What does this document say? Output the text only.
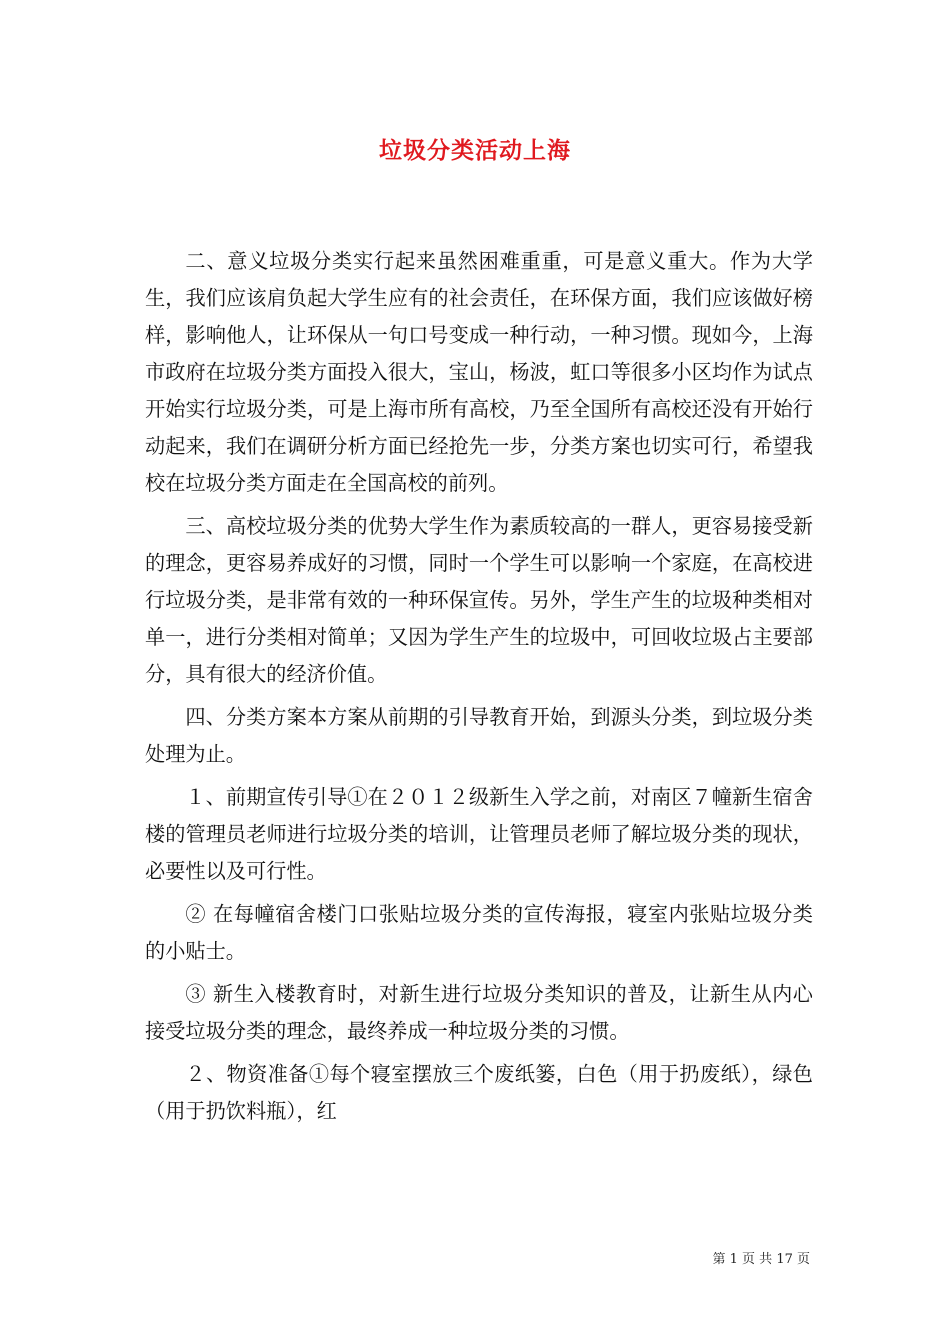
垃圾分类活动上海

二、意义垃圾分类实行起来虽然困难重重，可是意义重大。作为大学生，我们应该肩负起大学生应有的社会责任，在环保方面，我们应该做好榜样，影响他人，让环保从一句口号变成一种行动，一种习惯。现如今，上海市政府在垃圾分类方面投入很大，宝山，杨波，虹口等很多小区均作为试点开始实行垃圾分类，可是上海市所有高校，乃至全国所有高校还没有开始行动起来，我们在调研分析方面已经抢先一步，分类方案也切实可行，希望我校在垃圾分类方面走在全国高校的前列。

三、高校垃圾分类的优势大学生作为素质较高的一群人，更容易接受新的理念，更容易养成好的习惯，同时一个学生可以影响一个家庭，在高校进行垃圾分类，是非常有效的一种环保宣传。另外，学生产生的垃圾种类相对单一，进行分类相对简单；又因为学生产生的垃圾中，可回收垃圾占主要部分，具有很大的经济价值。

四、分类方案本方案从前期的引导教育开始，到源头分类，到垃圾分类处理为止。

１、前期宣传引导①在２０１２级新生入学之前，对南区７幢新生宿舍楼的管理员老师进行垃圾分类的培训，让管理员老师了解垃圾分类的现状，必要性以及可行性。

② 在每幢宿舍楼门口张贴垃圾分类的宣传海报，寝室内张贴垃圾分类的小贴士。

③ 新生入楼教育时，对新生进行垃圾分类知识的普及，让新生从内心接受垃圾分类的理念，最终养成一种垃圾分类的习惯。

２、物资准备①每个寝室摆放三个废纸篓，白色（用于扔废纸），绿色（用于扔饮料瓶），红

第 1 页 共 17 页
